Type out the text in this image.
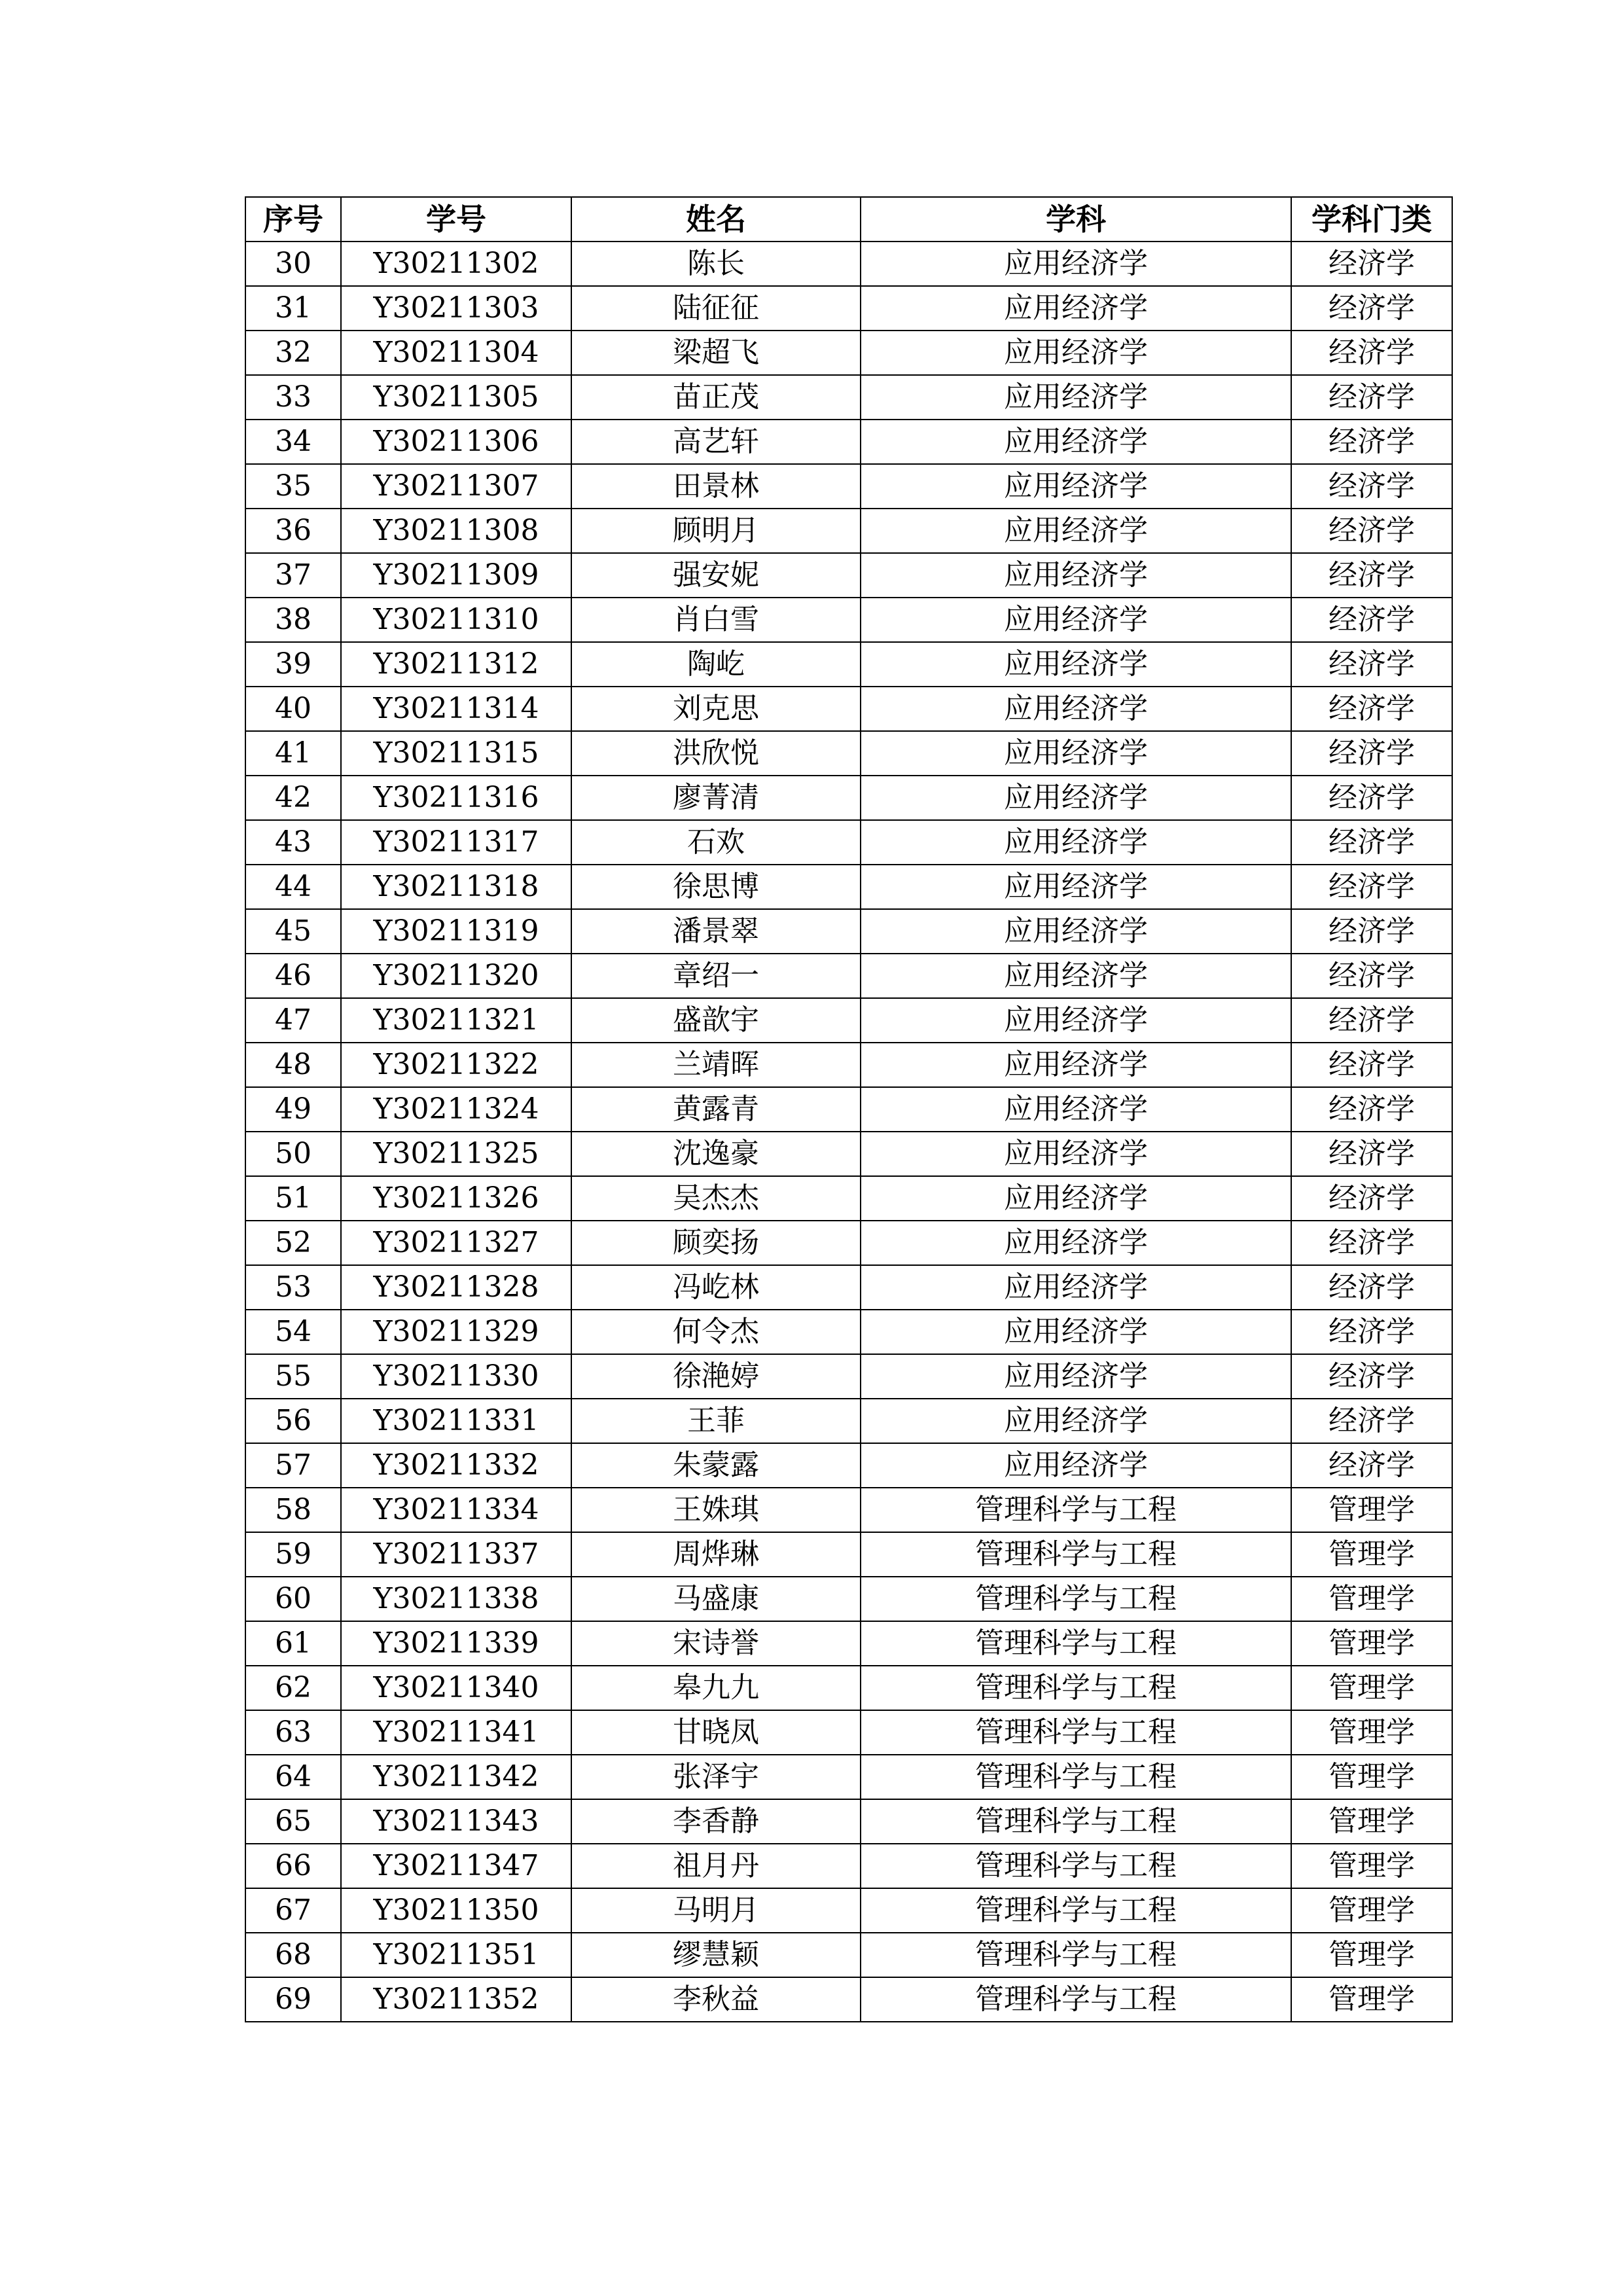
序号	学号	姓名	学科	学科门类
30	Y30211302	陈长	应用经济学	经济学
31	Y30211303	陆征征	应用经济学	经济学
32	Y30211304	梁超飞	应用经济学	经济学
33	Y30211305	苗正茂	应用经济学	经济学
34	Y30211306	高艺轩	应用经济学	经济学
35	Y30211307	田景林	应用经济学	经济学
36	Y30211308	顾明月	应用经济学	经济学
37	Y30211309	强安妮	应用经济学	经济学
38	Y30211310	肖白雪	应用经济学	经济学
39	Y30211312	陶屹	应用经济学	经济学
40	Y30211314	刘克思	应用经济学	经济学
41	Y30211315	洪欣悦	应用经济学	经济学
42	Y30211316	廖菁清	应用经济学	经济学
43	Y30211317	石欢	应用经济学	经济学
44	Y30211318	徐思博	应用经济学	经济学
45	Y30211319	潘景翠	应用经济学	经济学
46	Y30211320	章绍一	应用经济学	经济学
47	Y30211321	盛歆宇	应用经济学	经济学
48	Y30211322	兰靖晖	应用经济学	经济学
49	Y30211324	黄露青	应用经济学	经济学
50	Y30211325	沈逸豪	应用经济学	经济学
51	Y30211326	吴杰杰	应用经济学	经济学
52	Y30211327	顾奕扬	应用经济学	经济学
53	Y30211328	冯屹林	应用经济学	经济学
54	Y30211329	何令杰	应用经济学	经济学
55	Y30211330	徐滟婷	应用经济学	经济学
56	Y30211331	王菲	应用经济学	经济学
57	Y30211332	朱蒙露	应用经济学	经济学
58	Y30211334	王姝琪	管理科学与工程	管理学
59	Y30211337	周烨琳	管理科学与工程	管理学
60	Y30211338	马盛康	管理科学与工程	管理学
61	Y30211339	宋诗誉	管理科学与工程	管理学
62	Y30211340	皋九九	管理科学与工程	管理学
63	Y30211341	甘晓凤	管理科学与工程	管理学
64	Y30211342	张泽宇	管理科学与工程	管理学
65	Y30211343	李香静	管理科学与工程	管理学
66	Y30211347	祖月丹	管理科学与工程	管理学
67	Y30211350	马明月	管理科学与工程	管理学
68	Y30211351	缪慧颖	管理科学与工程	管理学
69	Y30211352	李秋益	管理科学与工程	管理学
